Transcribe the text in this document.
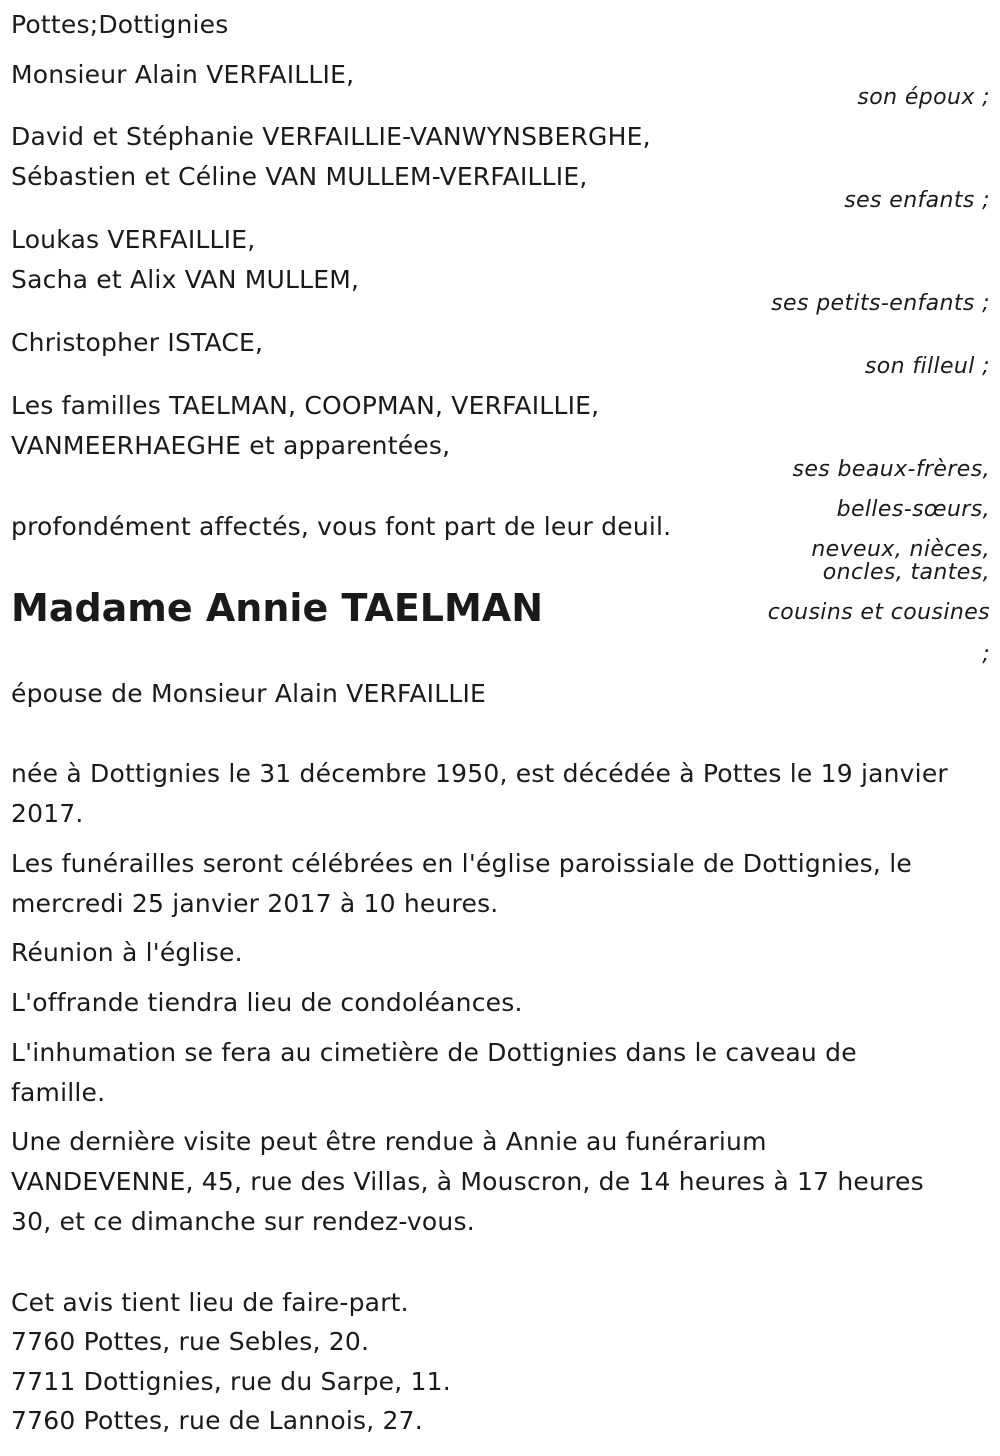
Pottes;Dottignies
Monsieur Alain VERFAILLIE,
son époux ;
David et Stéphanie VERFAILLIE-VANWYNSBERGHE,
Sébastien et Céline VAN MULLEM-VERFAILLIE,
ses enfants ;
Loukas VERFAILLIE,
Sacha et Alix VAN MULLEM,
ses petits-enfants ;
Christopher ISTACE,
son filleul ;
Les familles TAELMAN, COOPMAN, VERFAILLIE,
VANMEERHAEGHE et apparentées,
ses beaux-frères,
belles-sœurs,
neveux, nièces,
oncles, tantes,
cousins et cousines
;
profondément affectés, vous font part de leur deuil.
Madame Annie TAELMAN
épouse de Monsieur Alain VERFAILLIE
née à Dottignies le 31 décembre 1950, est décédée à Pottes le 19 janvier
2017.
Les funérailles seront célébrées en l'église paroissiale de Dottignies, le
mercredi 25 janvier 2017 à 10 heures.
Réunion à l'église.
L'offrande tiendra lieu de condoléances.
L'inhumation se fera au cimetière de Dottignies dans le caveau de
famille.
Une dernière visite peut être rendue à Annie au funérarium
VANDEVENNE, 45, rue des Villas, à Mouscron, de 14 heures à 17 heures
30, et ce dimanche sur rendez-vous.
Cet avis tient lieu de faire-part.
7760 Pottes, rue Sebles, 20.
7711 Dottignies, rue du Sarpe, 11.
7760 Pottes, rue de Lannois, 27.
